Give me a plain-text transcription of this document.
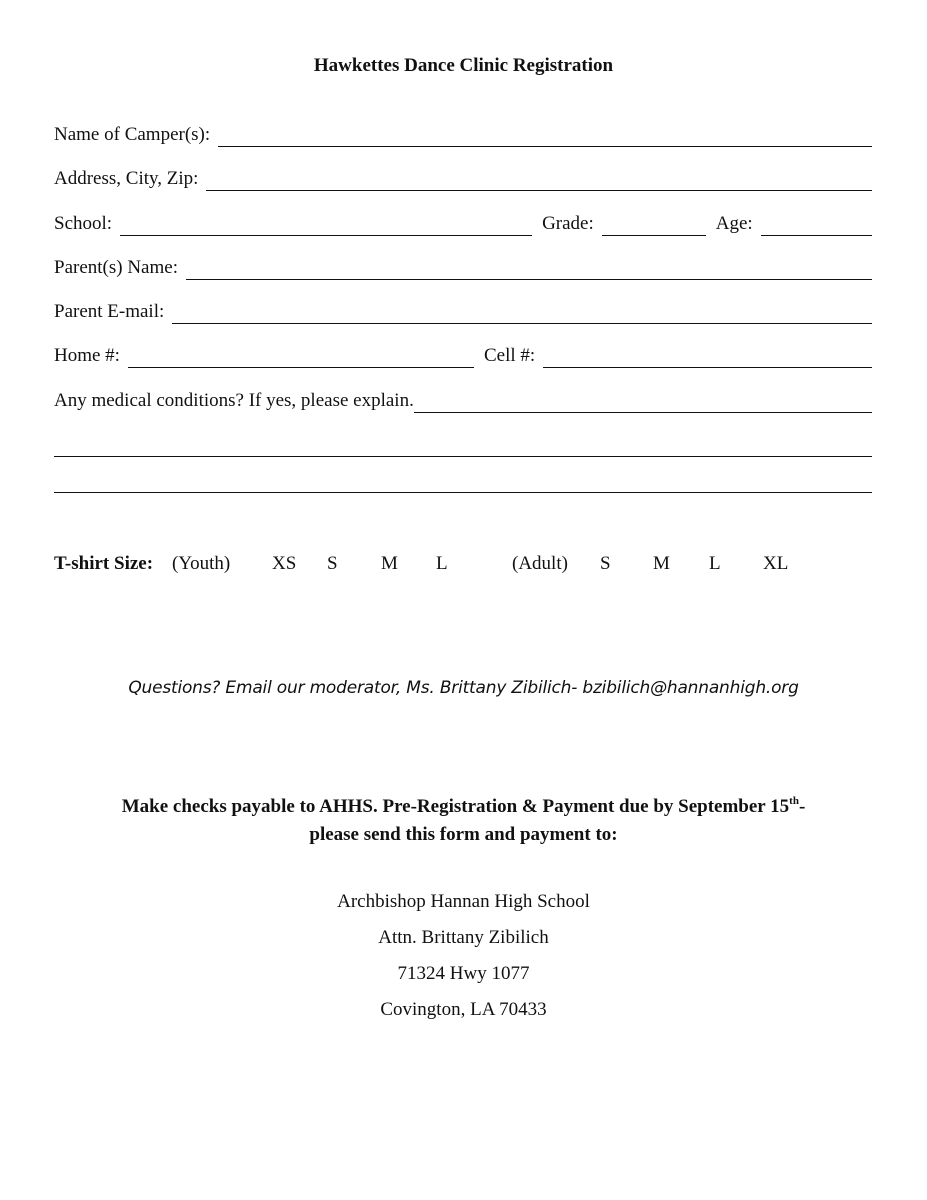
Hawkettes Dance Clinic Registration
Name of Camper(s):
Address, City, Zip:
School:	Grade:	Age:
Parent(s) Name:
Parent E-mail:
Home #:	Cell #:
Any medical conditions? If yes, please explain.
T-shirt Size: (Youth) XS S M L	(Adult) S M L XL
Questions? Email our moderator, Ms. Brittany Zibilich- bzibilich@hannanhigh.org
Make checks payable to AHHS. Pre-Registration & Payment due by September 15th-
please send this form and payment to:
Archbishop Hannan High School
Attn. Brittany Zibilich
71324 Hwy 1077
Covington, LA 70433
